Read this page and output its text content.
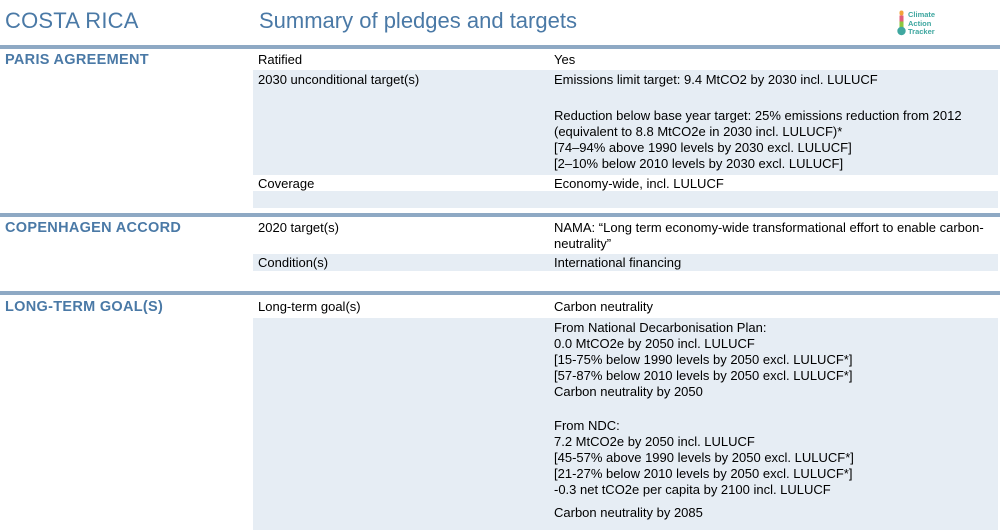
COSTA RICA	Summary of pledges and targets	Climate
Action
Tracker
PARIS AGREEMENT	Ratified	Yes
2030 unconditional target(s)	Emissions limit target: 9.4 MtCO2 by 2030 incl. LULUCF
Reduction below base year target: 25% emissions reduction from 2012
(equivalent to 8.8 MtCO2e in 2030 incl. LULUCF)*
[74–94% above 1990 levels by 2030 excl. LULUCF]
[2–10% below 2010 levels by 2030 excl. LULUCF]
Coverage	Economy-wide, incl. LULUCF
COPENHAGEN ACCORD	2020 target(s)	NAMA: “Long term economy-wide transformational effort to enable carbon-
neutrality”
Condition(s)	International financing
LONG-TERM GOAL(S)	Long-term goal(s)	Carbon neutrality
From National Decarbonisation Plan:
0.0 MtCO2e by 2050 incl. LULUCF
[15-75% below 1990 levels by 2050 excl. LULUCF*]
[57-87% below 2010 levels by 2050 excl. LULUCF*]
Carbon neutrality by 2050
From NDC:
7.2 MtCO2e by 2050 incl. LULUCF
[45-57% above 1990 levels by 2050 excl. LULUCF*]
[21-27% below 2010 levels by 2050 excl. LULUCF*]
-0.3 net tCO2e per capita by 2100 incl. LULUCF
Carbon neutrality by 2085
